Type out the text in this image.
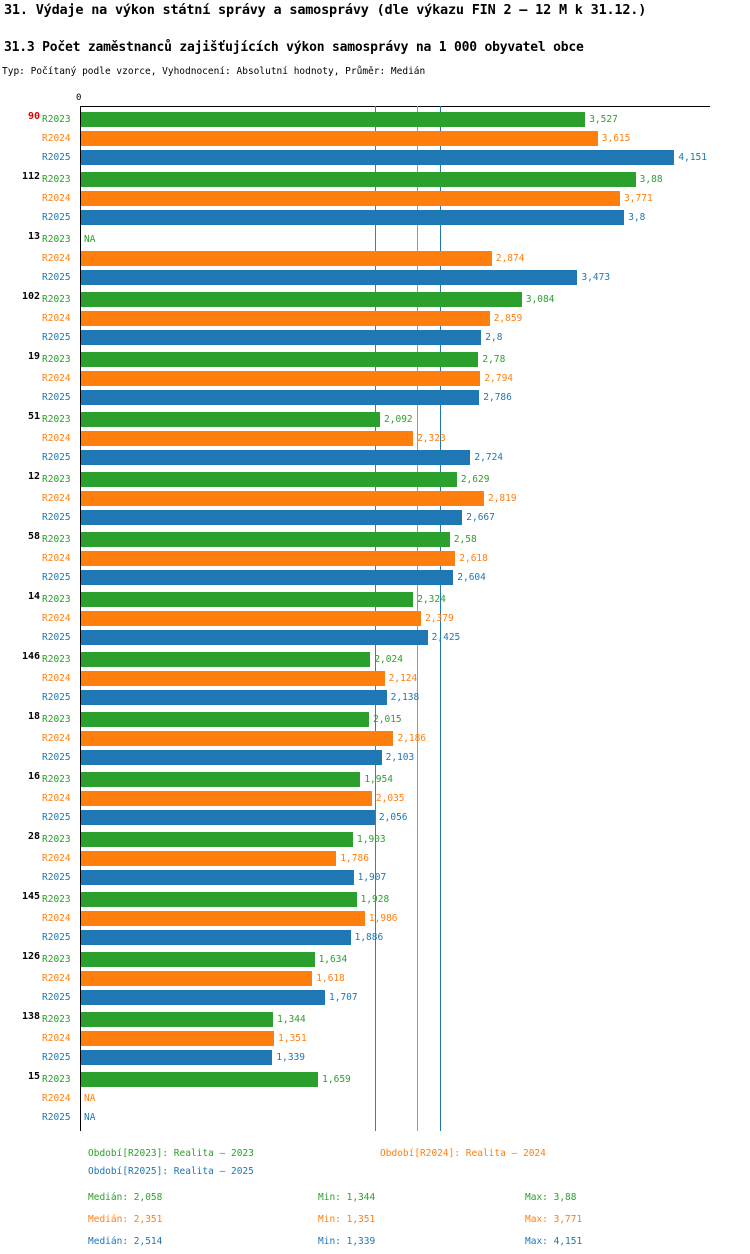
31. Výdaje na výkon státní správy a samosprávy (dle výkazu FIN 2 – 12 M k 31.12.)
31.3 Počet zaměstnanců zajišťujících výkon samosprávy na 1 000 obyvatel obce
Typ: Počítaný podle vzorce, Vyhodnocení: Absolutní hodnoty, Průměr: Medián
0
90 R2023	3,527
R2024	3,615
R2025	4,151
112 R2023	3,88
R2024	3,771
R2025	3,8
13 R2023	NA
R2024	2,874
R2025	3,473
102 R2023	3,084
R2024	2,859
R2025	2,8
19 R2023	2,78
R2024	2,794
R2025	2,786
51 R2023	2,092
R2024	2,323
R2025	2,724
12 R2023	2,629
R2024	2,819
R2025	2,667
58 R2023	2,58
R2024	2,618
R2025	2,604
14 R2023	2,324
R2024	2,379
R2025	2,425
146 R2023	2,024
R2024	2,124
R2025	2,138
18 R2023	2,015
R2024	2,186
R2025	2,103
16 R2023	1,954
R2024	2,035
R2025	2,056
28 R2023	1,903
R2024	1,786
R2025	1,907
145 R2023	1,928
R2024	1,986
R2025	1,886
126 R2023	1,634
R2024	1,618
R2025	1,707
138 R2023	1,344
R2024	1,351
R2025	1,339
15 R2023	1,659
R2024	NA
R2025	NA
Období[R2023]: Realita – 2023	Období[R2024]: Realita – 2024
Období[R2025]: Realita – 2025
Medián: 2,058	Min: 1,344	Max: 3,88
Medián: 2,351	Min: 1,351	Max: 3,771
Medián: 2,514	Min: 1,339	Max: 4,151
